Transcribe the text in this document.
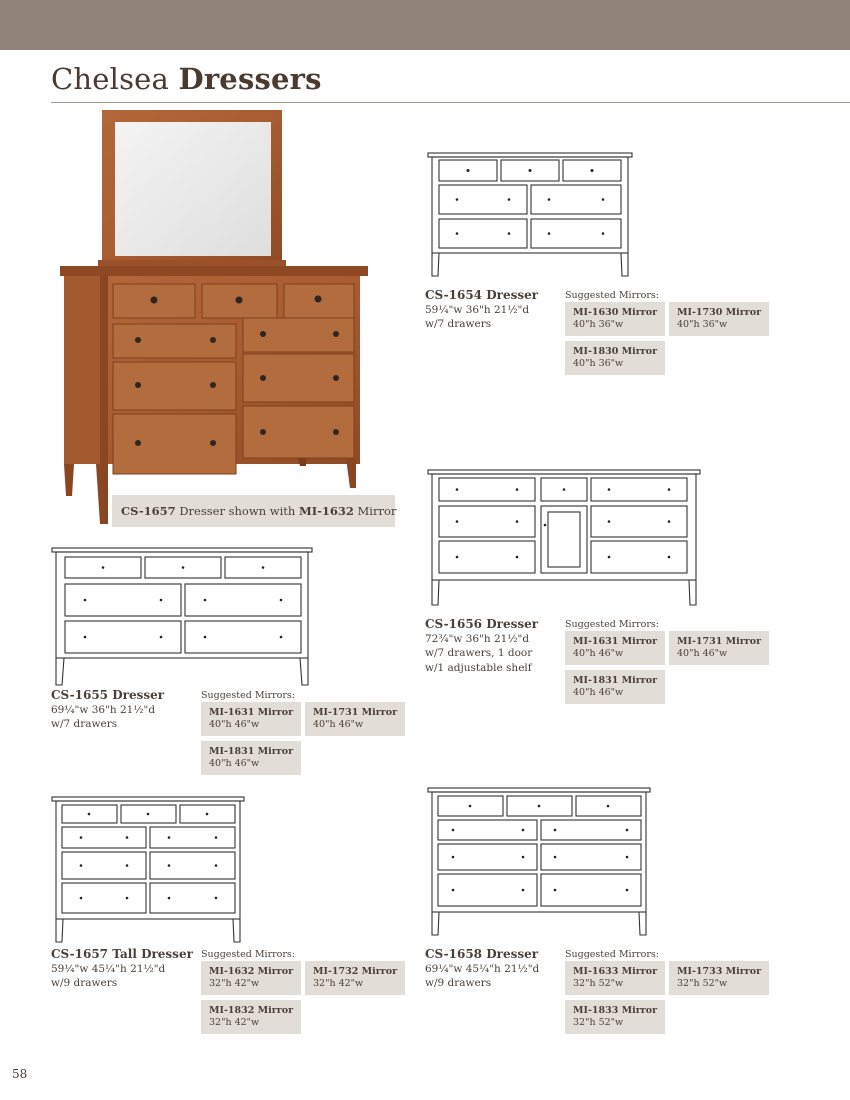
Chelsea Dressers
CS-1657 Dresser shown with MI-1632 Mirror
CS-1654 Dresser
59¼"w 36"h 21½"d
w/7 drawers
Suggested Mirrors:
MI-1630 Mirror
40"h 36"w
MI-1730 Mirror
40"h 36"w
MI-1830 Mirror
40"h 36"w
CS-1656 Dresser
72¾"w 36"h 21½"d
w/7 drawers, 1 door
w/1 adjustable shelf
Suggested Mirrors:
MI-1631 Mirror
40"h 46"w
MI-1731 Mirror
40"h 46"w
MI-1831 Mirror
40"h 46"w
CS-1655 Dresser
69¼"w 36"h 21½"d
w/7 drawers
Suggested Mirrors:
MI-1631 Mirror
40"h 46"w
MI-1731 Mirror
40"h 46"w
MI-1831 Mirror
40"h 46"w
CS-1657 Tall Dresser
59¼"w 45¼"h 21½"d
w/9 drawers
Suggested Mirrors:
MI-1632 Mirror
32"h 42"w
MI-1732 Mirror
32"h 42"w
MI-1832 Mirror
32"h 42"w
CS-1658 Dresser
69¼"w 45¼"h 21½"d
w/9 drawers
Suggested Mirrors:
MI-1633 Mirror
32"h 52"w
MI-1733 Mirror
32"h 52"w
MI-1833 Mirror
32"h 52"w
58
